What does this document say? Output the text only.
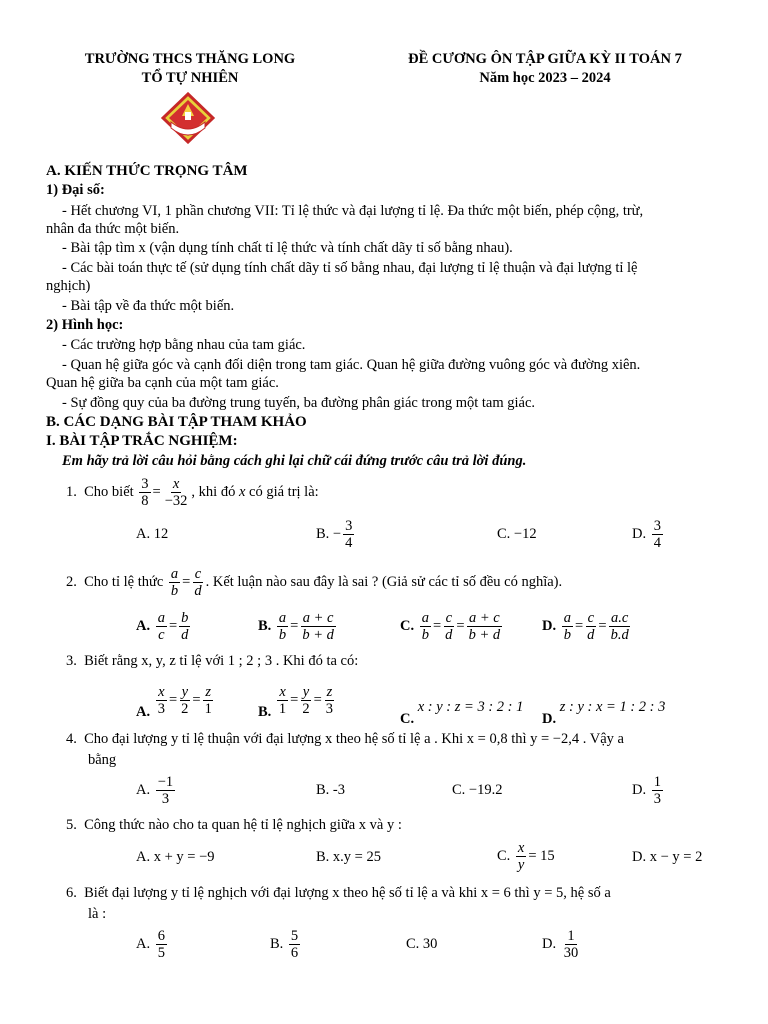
TRƯỜNG THCS THĂNG LONG
TỔ TỰ NHIÊN
ĐỀ CƯƠNG ÔN TẬP GIỮA KỲ II TOÁN 7
Năm học 2023 – 2024
A. KIẾN THỨC TRỌNG TÂM
1) Đại số:
- Hết chương VI, 1 phần chương VII: Tỉ lệ thức và đại lượng tỉ lệ. Đa thức một biến, phép cộng, trừ,
nhân đa thức một biến.
- Bài tập tìm x (vận dụng tính chất tỉ lệ thức và tính chất dãy tỉ số bằng nhau).
- Các bài toán thực tế (sử dụng tính chất dãy tỉ số bằng nhau, đại lượng tỉ lệ thuận và đại lượng tỉ lệ
nghịch)
- Bài tập về đa thức một biến.
2) Hình học:
- Các trường hợp bằng nhau của tam giác.
- Quan hệ giữa góc và cạnh đối diện trong tam giác. Quan hệ giữa đường vuông góc và đường xiên.
Quan hệ giữa ba cạnh của một tam giác.
- Sự đồng quy của ba đường trung tuyến, ba đường phân giác trong một tam giác.
B. CÁC DẠNG BÀI TẬP THAM KHẢO
I. BÀI TẬP TRẮC NGHIỆM:
Em hãy trả lời câu hỏi bằng cách ghi lại chữ cái đứng trước câu trả lời đúng.
1. Cho biết $\frac{3}{8} = \frac{x}{-32}$ , khi đó x có giá trị là:
A. 12	B. − $\frac{3}{4}$	C. −12	D. $\frac{3}{4}$
2. Cho tỉ lệ thức $\frac{a}{b} = \frac{c}{d}$ . Kết luận nào sau đây là sai ? (Giả sử các tỉ số đều có nghĩa).
A. $\frac{a}{c} = \frac{b}{d}$	B. $\frac{a}{b} = \frac{a + c}{b + d}$	C. $\frac{a}{b} = \frac{c}{d} = \frac{a + c}{b + d}$	D. $\frac{a}{b} = \frac{c}{d} = \frac{a.c}{b.d}$
3. Biết rằng x, y, z tỉ lệ với 1 ; 2 ; 3 . Khi đó ta có:
A. $\frac{x}{3} = \frac{y}{2} = \frac{z}{1}$	B. $\frac{x}{1} = \frac{y}{2} = \frac{z}{3}$
C. x : y : z = 3 : 2 : 1
D. z : y : x = 1 : 2 : 3
4. Cho đại lượng y tỉ lệ thuận với đại lượng x theo hệ số tỉ lệ a . Khi x = 0,8 thì y = −2,4 . Vậy a
bằng
A. $\frac{-1}{3}$	B. -3	C. −19.2	D. $\frac{1}{3}$
5. Công thức nào cho ta quan hệ tỉ lệ nghịch giữa x và y :
A. x + y = −9	B. x.y = 25	C. $\frac{x}{y} = 15$	D. x − y = 2
6. Biết đại lượng y tỉ lệ nghịch với đại lượng x theo hệ số tỉ lệ a và khi x = 6 thì y = 5, hệ số a
là :
A. $\frac{6}{5}$	B. $\frac{5}{6}$	C. 30	D. $\frac{1}{30}$
